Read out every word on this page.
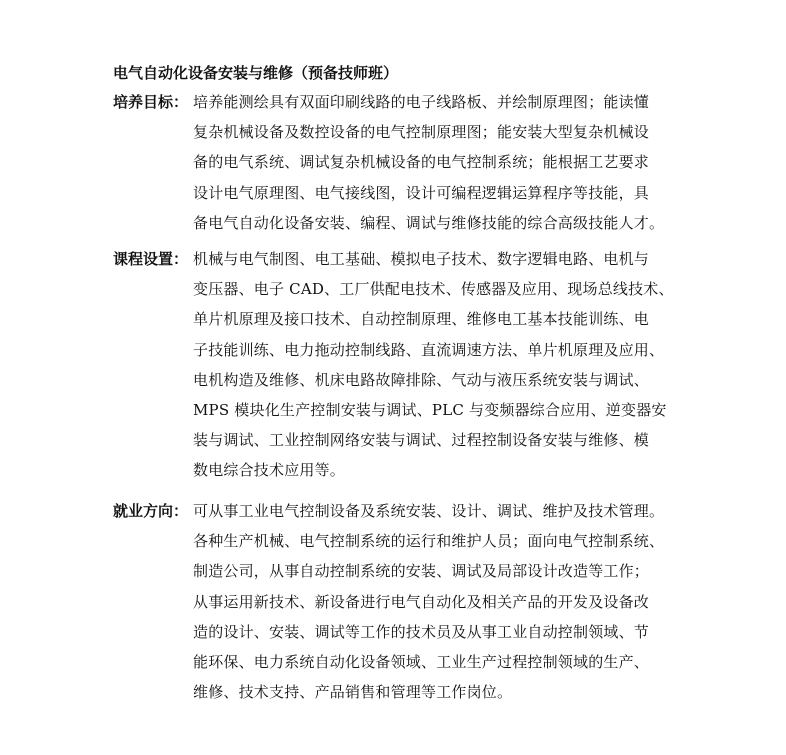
电气自动化设备安装与维修（预备技师班）
培养目标： 培养能测绘具有双面印刷线路的电子线路板、并绘制原理图；能读懂
复杂机械设备及数控设备的电气控制原理图；能安装大型复杂机械设
备的电气系统、调试复杂机械设备的电气控制系统；能根据工艺要求
设计电气原理图、电气接线图，设计可编程逻辑运算程序等技能，具
备电气自动化设备安装、编程、调试与维修技能的综合高级技能人才。
课程设置： 机械与电气制图、电工基础、模拟电子技术、数字逻辑电路、电机与
变压器、电子 CAD、工厂供配电技术、传感器及应用、现场总线技术、
单片机原理及接口技术、自动控制原理、维修电工基本技能训练、电
子技能训练、电力拖动控制线路、直流调速方法、单片机原理及应用、
电机构造及维修、机床电路故障排除、气动与液压系统安装与调试、
MPS 模块化生产控制安装与调试、PLC 与变频器综合应用、逆变器安
装与调试、工业控制网络安装与调试、过程控制设备安装与维修、模
数电综合技术应用等。
就业方向： 可从事工业电气控制设备及系统安装、设计、调试、维护及技术管理。
各种生产机械、电气控制系统的运行和维护人员；面向电气控制系统、
制造公司，从事自动控制系统的安装、调试及局部设计改造等工作；
从事运用新技术、新设备进行电气自动化及相关产品的开发及设备改
造的设计、安装、调试等工作的技术员及从事工业自动控制领域、节
能环保、电力系统自动化设备领域、工业生产过程控制领域的生产、
维修、技术支持、产品销售和管理等工作岗位。
